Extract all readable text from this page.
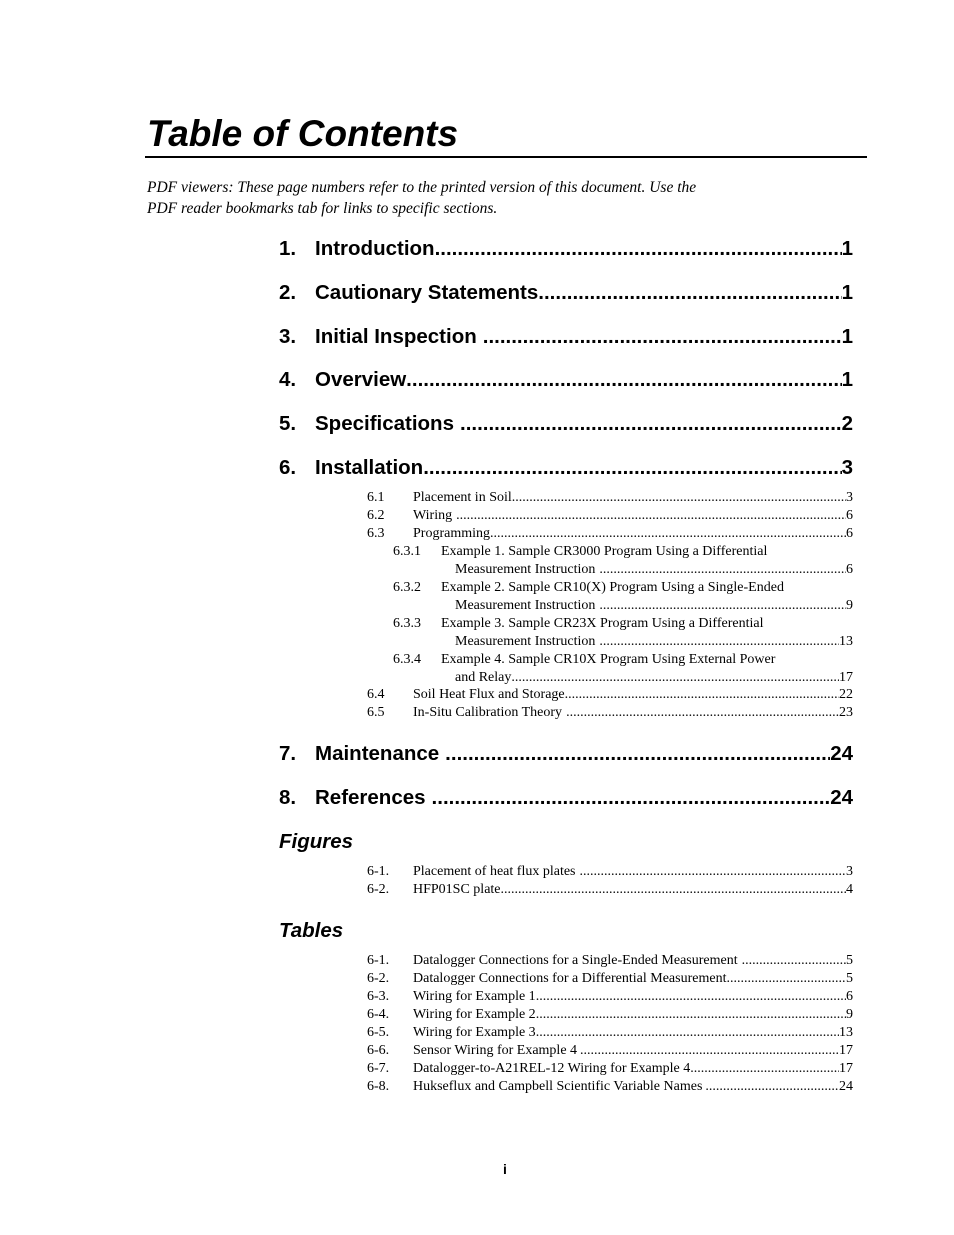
Table of Contents
PDF viewers: These page numbers refer to the printed version of this document. Use the
PDF reader bookmarks tab for links to specific sections.
1. Introduction .....	1
2. Cautionary Statements .....	1
3. Initial Inspection .....	1
4. Overview .....	1
5. Specifications .....	2
6. Installation .....	3
6.1	Placement in Soil .....	3
6.2	Wiring .....	6
6.3	Programming .....	6
6.3.1 Example 1. Sample CR3000 Program Using a Differential
Measurement Instruction .....	6
6.3.2 Example 2. Sample CR10(X) Program Using a Single-Ended
Measurement Instruction .....	9
6.3.3 Example 3. Sample CR23X Program Using a Differential
Measurement Instruction .....	13
6.3.4 Example 4. Sample CR10X Program Using External Power
and Relay .....	17
6.4	Soil Heat Flux and Storage .....	22
6.5	In-Situ Calibration Theory .....	23
7. Maintenance .....	24
8. References .....	24
Figures
6-1.	Placement of heat flux plates .....	3
6-2.	HFP01SC plate .....	4
Tables
6-1.	Datalogger Connections for a Single-Ended Measurement .....	5
6-2.	Datalogger Connections for a Differential Measurement .....	5
6-3.	Wiring for Example 1 .....	6
6-4.	Wiring for Example 2 .....	9
6-5.	Wiring for Example 3 .....	13
6-6.	Sensor Wiring for Example 4 .....	17
6-7.	Datalogger-to-A21REL-12 Wiring for Example 4 .....	17
6-8.	Hukseflux and Campbell Scientific Variable Names .....	24
i
